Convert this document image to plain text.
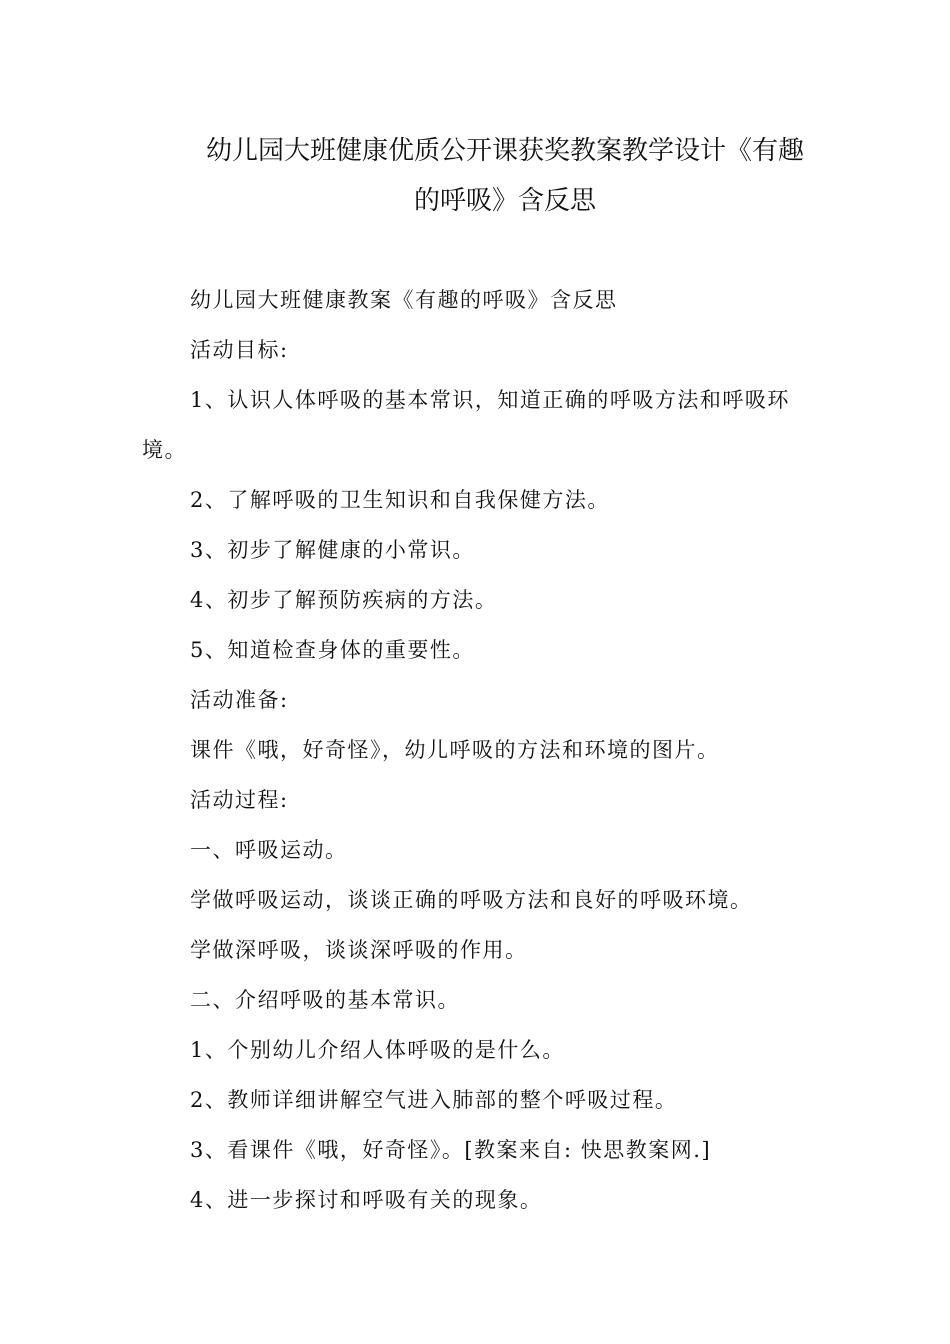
幼儿园大班健康优质公开课获奖教案教学设计《有趣
的呼吸》含反思
幼儿园大班健康教案《有趣的呼吸》含反思
活动目标:
1、认识人体呼吸的基本常识，知道正确的呼吸方法和呼吸环
境。
2、了解呼吸的卫生知识和自我保健方法。
3、初步了解健康的小常识。
4、初步了解预防疾病的方法。
5、知道检查身体的重要性。
活动准备:
课件《哦，好奇怪》，幼儿呼吸的方法和环境的图片。
活动过程:
一、呼吸运动。
学做呼吸运动，谈谈正确的呼吸方法和良好的呼吸环境。
学做深呼吸，谈谈深呼吸的作用。
二、介绍呼吸的基本常识。
1、个别幼儿介绍人体呼吸的是什么。
2、教师详细讲解空气进入肺部的整个呼吸过程。
3、看课件《哦，好奇怪》。[教案来自: 快思教案网.]
4、进一步探讨和呼吸有关的现象。
